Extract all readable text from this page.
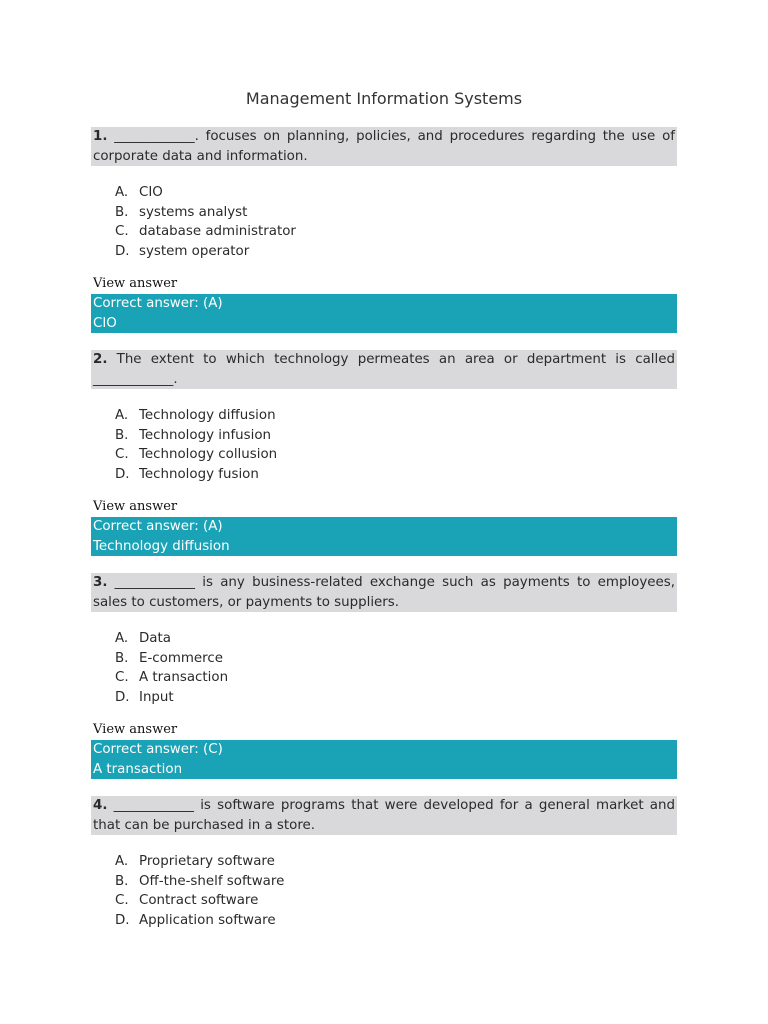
Management Information Systems
1. ____________. focuses on planning, policies, and procedures regarding the use of corporate data and information.
A. CIO
B. systems analyst
C. database administrator
D. system operator
View answer
Correct answer: (A)
CIO
2. The extent to which technology permeates an area or department is called ____________.
A. Technology diffusion
B. Technology infusion
C. Technology collusion
D. Technology fusion
View answer
Correct answer: (A)
Technology diffusion
3. ____________ is any business-related exchange such as payments to employees, sales to customers, or payments to suppliers.
A. Data
B. E-commerce
C. A transaction
D. Input
View answer
Correct answer: (C)
A transaction
4. ____________ is software programs that were developed for a general market and that can be purchased in a store.
A. Proprietary software
B. Off-the-shelf software
C. Contract software
D. Application software
